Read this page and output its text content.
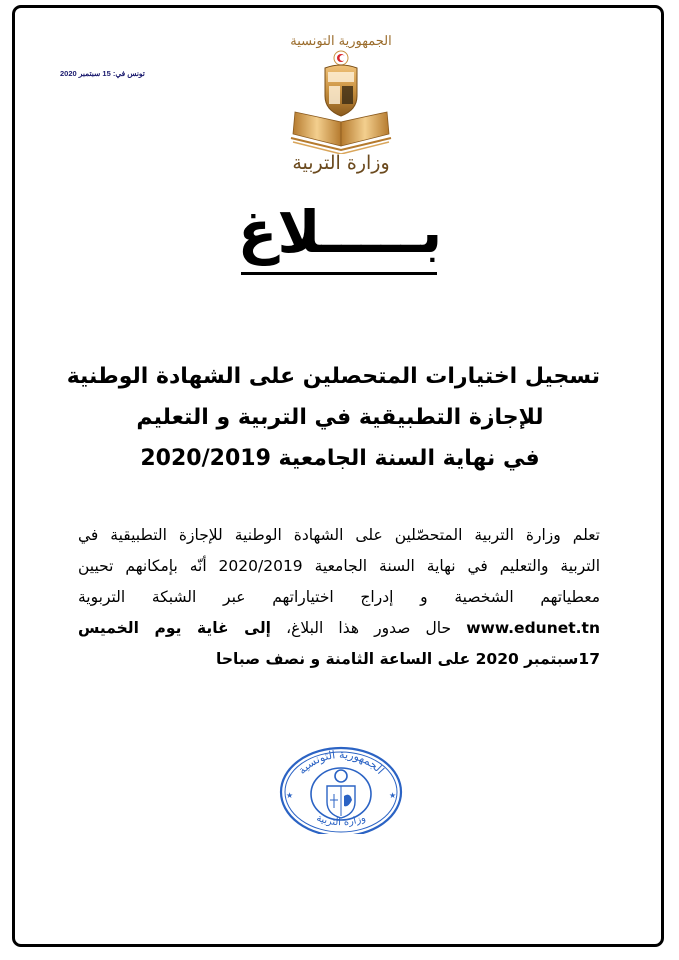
تونس في: 15 سبتمبر 2020
الجمهورية التونسية
وزارة التربية
بـــــلاغ
تسجيل اختيارات المتحصلين على الشهادة الوطنية
للإجازة التطبيقية في التربية و التعليم
في نهاية السنة الجامعية 2020/2019
تعلم وزارة التربية المتحصّلين على الشهادة الوطنية للإجازة التطبيقية في
التربية والتعليم في نهاية السنة الجامعية 2020/2019 أنّه بإمكانهم تحيين
معطياتهم الشخصية و إدراج اختياراتهم عبر الشبكة التربوية
www.edunet.tn حال صدور هذا البلاغ، إلى غاية يوم الخميس
17سبتمبر 2020 على الساعة الثامنة و نصف صباحا
الجمهورية التونسية
وزارة التربية
★	★
